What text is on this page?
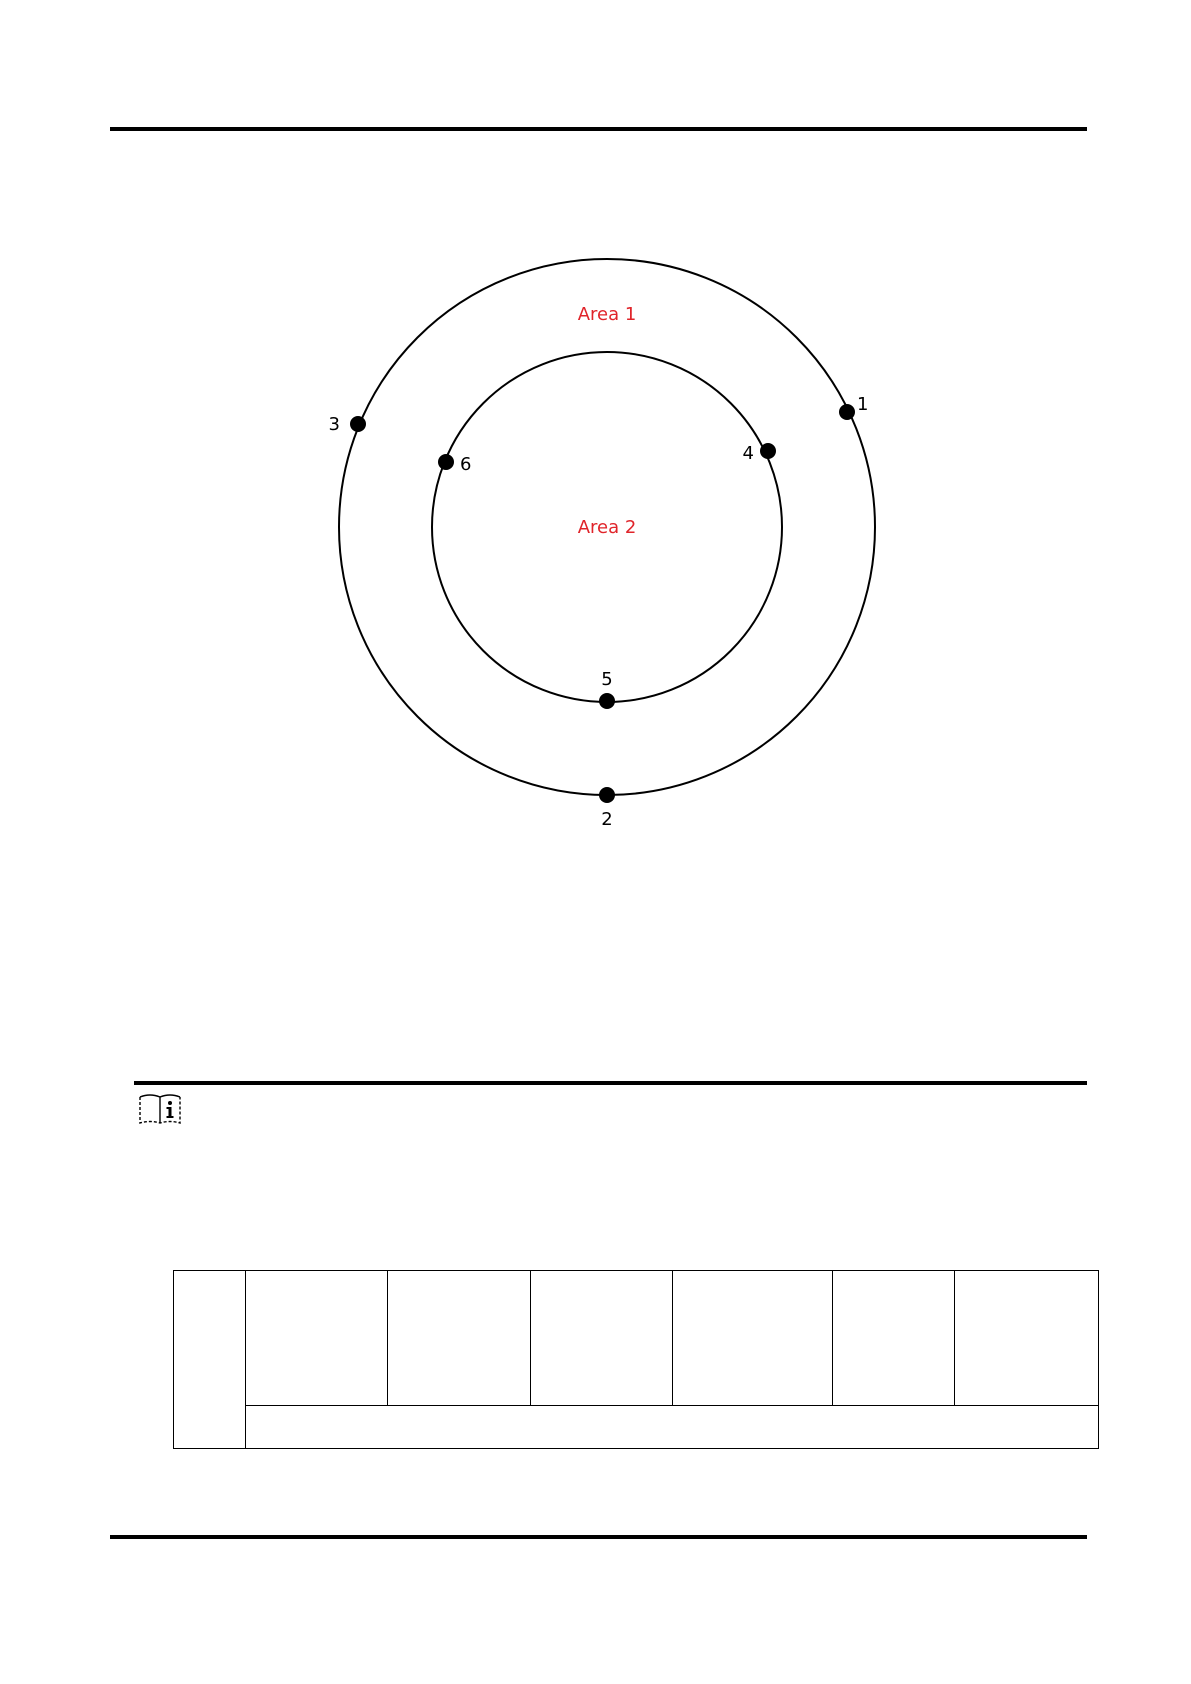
Area 1
Area 2
1
2
3
4
5
6
